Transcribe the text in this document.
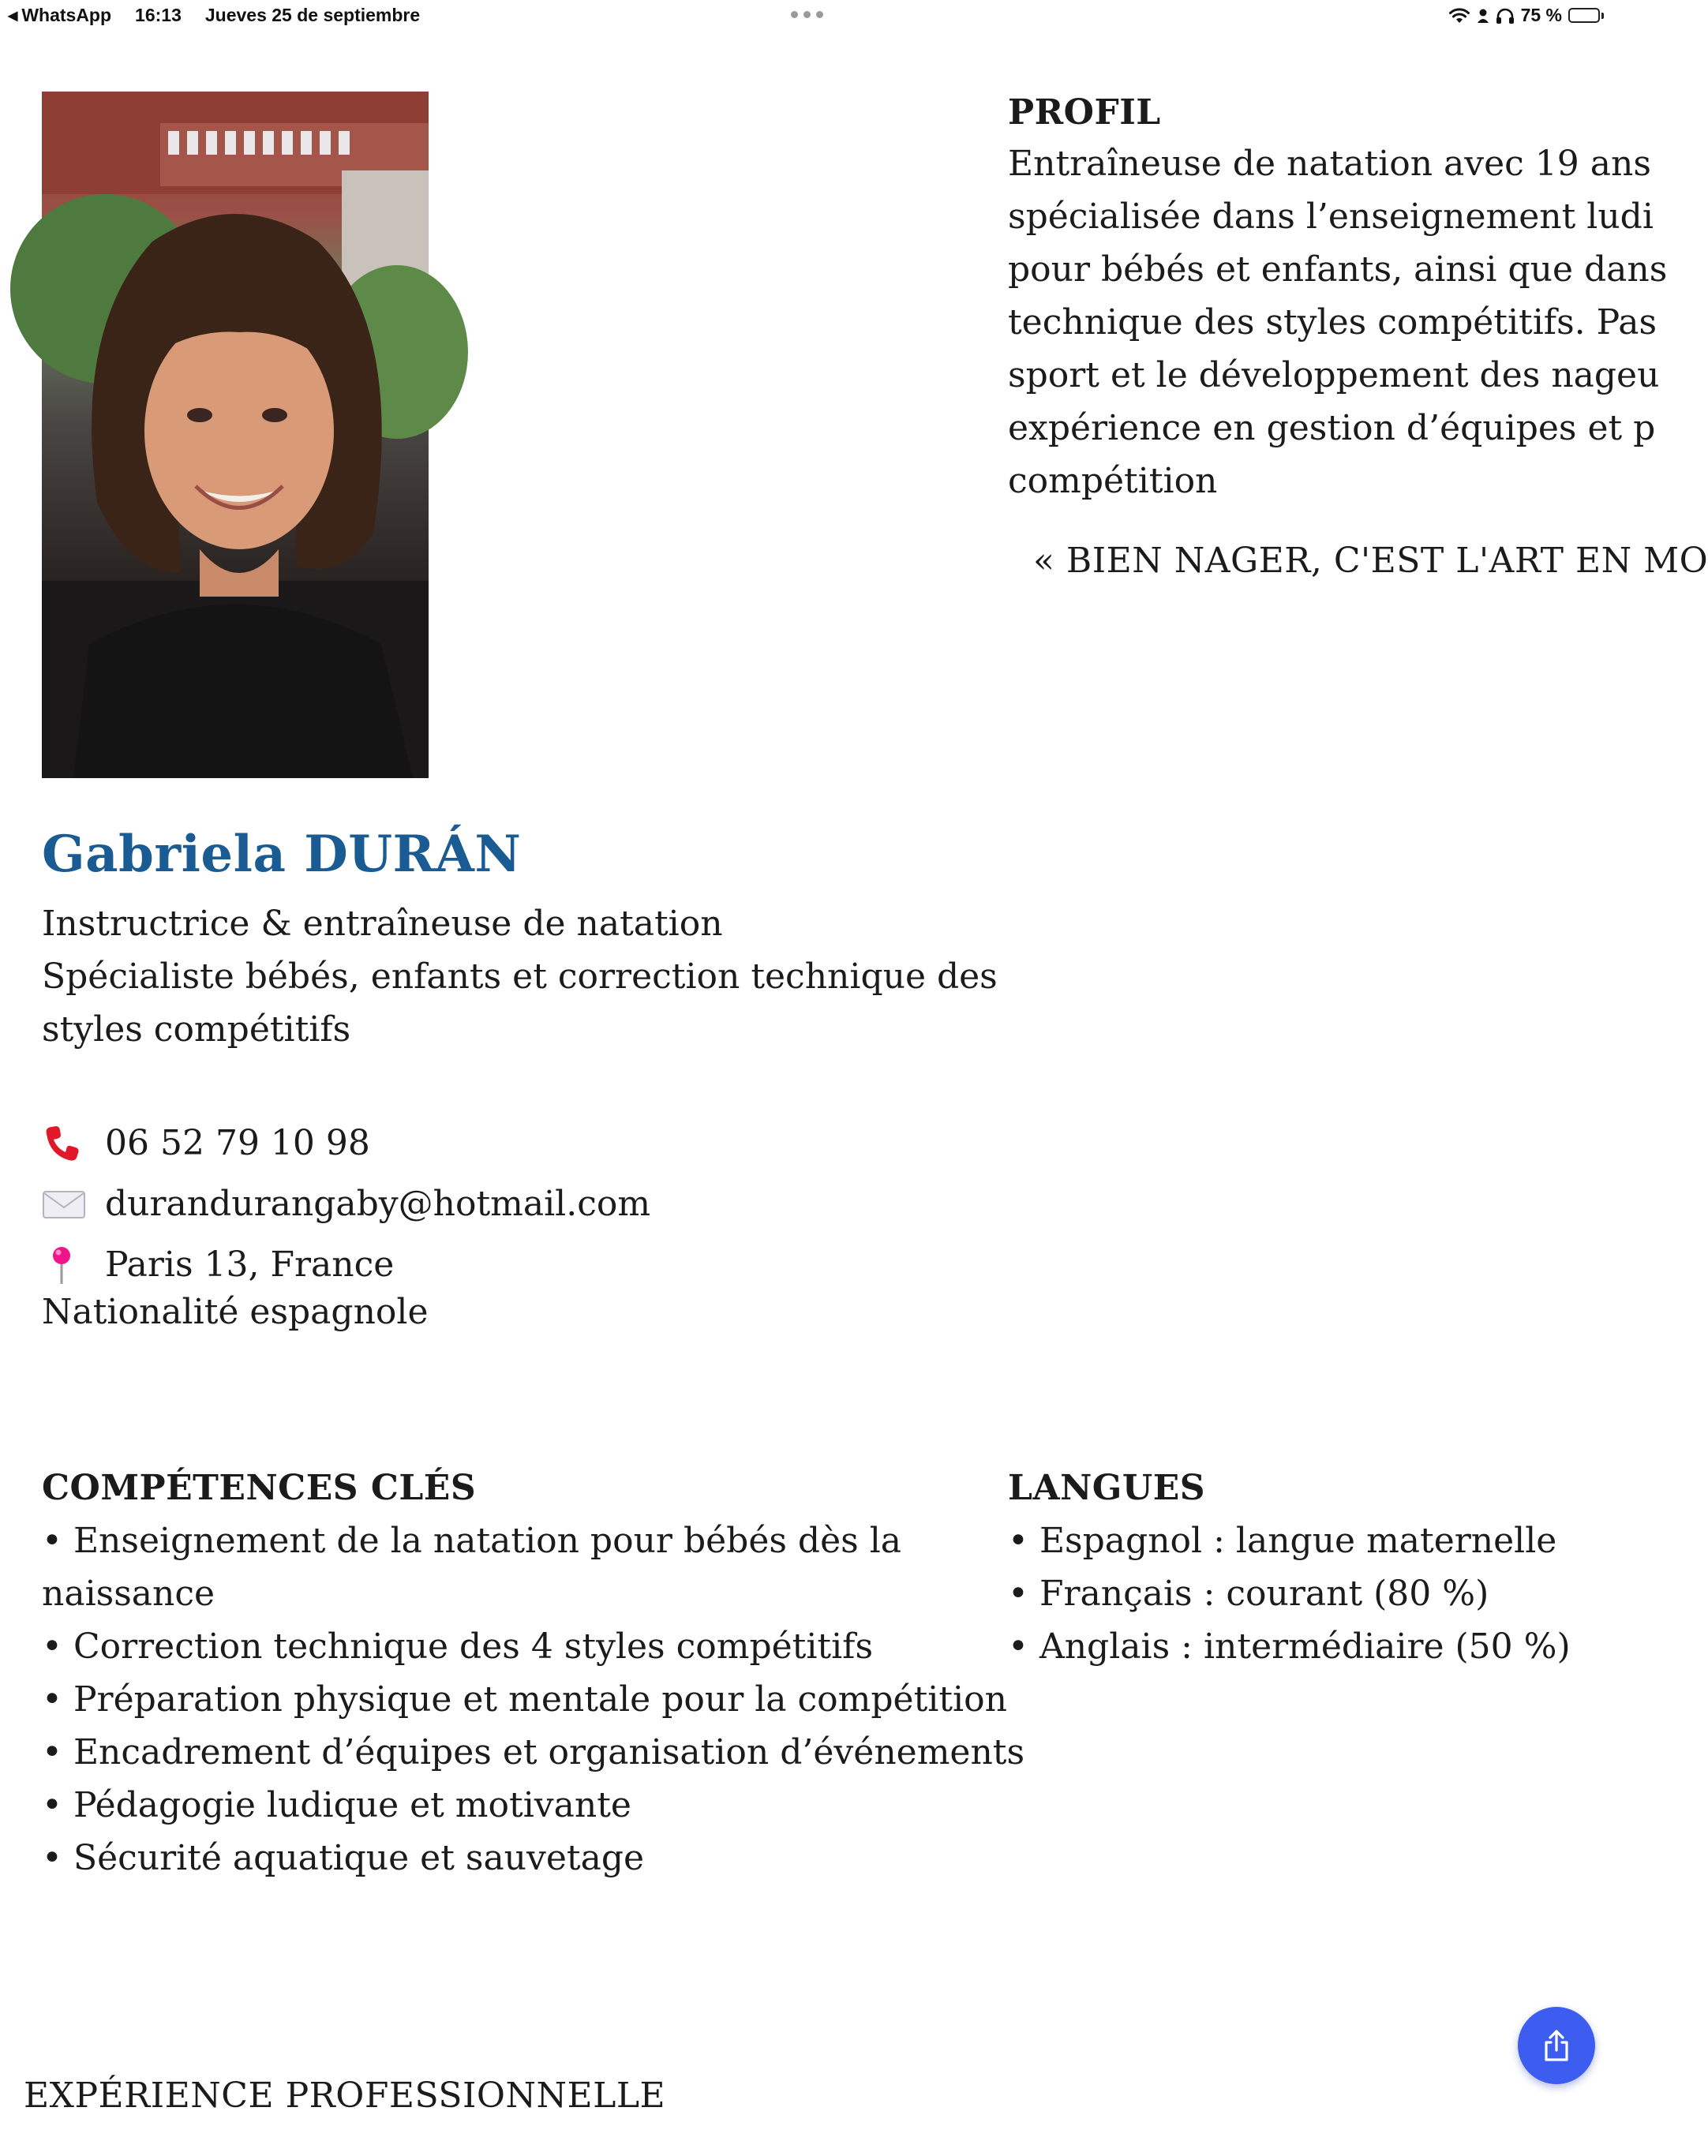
◀ WhatsApp 16:13 Jueves 25 de septiembre	75 %
Gabriela DURÁN
Instructrice & entraîneuse de natation
Spécialiste bébés, enfants et correction technique des
styles compétitifs
06 52 79 10 98
durandurangaby@hotmail.com
Paris 13, France
Nationalité espagnole
PROFIL
Entraîneuse de natation avec 19 ans
spécialisée dans l’enseignement ludi
pour bébés et enfants, ainsi que dans
technique des styles compétitifs. Pas
sport et le développement des nageu
expérience en gestion d’équipes et p
compétition
« BIEN NAGER, C'EST L'ART EN MO
COMPÉTENCES CLÉS
• Enseignement de la natation pour bébés dès la
naissance
• Correction technique des 4 styles compétitifs
• Préparation physique et mentale pour la compétition
• Encadrement d’équipes et organisation d’événements
• Pédagogie ludique et motivante
• Sécurité aquatique et sauvetage
LANGUES
• Espagnol : langue maternelle
• Français : courant (80 %)
• Anglais : intermédiaire (50 %)
EXPÉRIENCE PROFESSIONNELLE
